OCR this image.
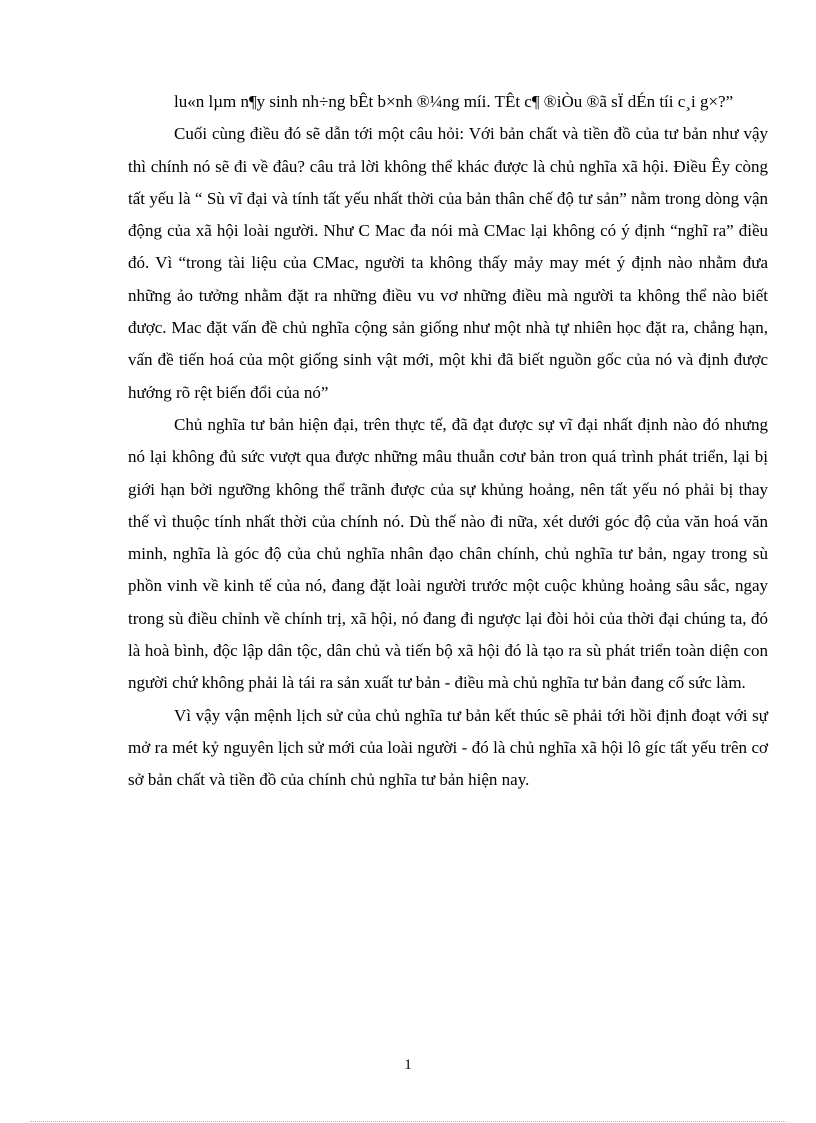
lu«n lµm n¶y sinh nh÷ng bÊt b×nh ®¼ng míi. TÊt c¶ ®iÒu ®ã sÏ dÉn tíi c¸i g×?”

Cuối cùng điều đó sẽ dẫn tới một câu hỏi: Với bản chất và tiền đồ của tư bản như vậy thì chính nó sẽ đi về đâu? câu trả lời không thể khác được là chủ nghĩa xã hội. Điều Êy còng tất yếu là “ Sù vĩ đại và tính tất yếu nhất thời của bản thân chế độ tư sản” nằm trong dòng vận động của xã hội loài người. Như C Mac đa nói mà CMac lại không có ý định “nghĩ ra” điều đó. Vì “trong tài liệu của CMac, người ta không thấy mảy may mét ý định nào nhằm đưa những ảo tưởng nhằm đặt ra những điều vu vơ những điều mà người ta không thể nào biết được. Mac đặt vấn đề chủ nghĩa cộng sản giống như một nhà tự nhiên học đặt ra, chẳng hạn, vấn đề tiến hoá của một giống sinh vật mới, một khi đã biết nguồn gốc của nó và định được hướng rõ rệt biến đổi của nó”

Chủ nghĩa tư bản hiện đại, trên thực tế, đã đạt được sự vĩ đại nhất định nào đó nhưng nó lại không đủ sức vượt qua được những mâu thuẫn cơư bản tron quá trình phát triển, lại bị giới hạn bởi ngưỡng không thể trãnh được của sự khủng hoảng, nên tất yếu nó phải bị thay thế vì thuộc tính nhất thời của chính nó. Dù thế nào đi nữa, xét dưới góc độ của văn hoá văn minh, nghĩa là góc độ của chủ nghĩa nhân đạo chân chính, chủ nghĩa tư bản, ngay trong sù phồn vinh về kinh tế của nó, đang đặt loài người trước một cuộc khủng hoảng sâu sắc, ngay trong sù điều chỉnh về chính trị, xã hội, nó đang đi ngược lại đòi hỏi của thời đại chúng ta, đó là hoà bình, độc lập dân tộc, dân chủ và tiến bộ xã hội đó là tạo ra sù phát triển toàn diện con người chứ không phải là tái ra sản xuất tư bản - điều mà chủ nghĩa tư bản đang cố sức làm.

Vì vậy vận mệnh lịch sử của chủ nghĩa tư bản kết thúc sẽ phải tới hồi định đoạt với sự mở ra mét kỷ nguyên lịch sử mới của loài người - đó là chủ nghĩa xã hội lô gíc tất yếu trên cơ sở bản chất và tiền đồ của chính chủ nghĩa tư bản hiện nay.

1
